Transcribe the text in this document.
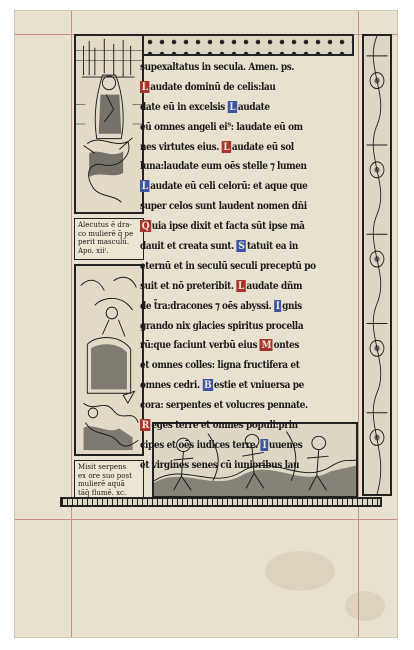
Alecutus ē dra-
co mulierē q̃ pe
perit masculū.
Apo. xiiᶦ.
Misit serpens
ex ore suo post
mulierē aquã
tãq̃ flumē. xc.
supexaltatus in secula. Amen. ps.
L audate dominū de celis:lau
date eū in excelsis L audate
eū omnes angeli ei⁹: laudate eū om
nes virtutes eius. L audate eū sol
luna:laudate eum oēs stelle ⁊ lumen
L audate eū celi celorū: et aque que
super celos sunt laudent nomen dñi
Q uia ipse dixit et facta sūt ipse mā
dauit et creata sunt. S tatuit ea in
eternū et in seculū seculi preceptū po
suit et nō preteribit. L audate dñm
de t̃ra:dracones ⁊ oēs abyssi. I gnis
grando nix glacies spiritus procella
rū:que faciunt verbū eius M ontes
et omnes colles: ligna fructifera et
omnes cedri. B estie et vniuersa pe
cora: serpentes et volucres pennate.
R eges terre et omnes populi:prin
cipes et oēs iudices terre. I uuenes
et virgines senes cū iunioribus lau
